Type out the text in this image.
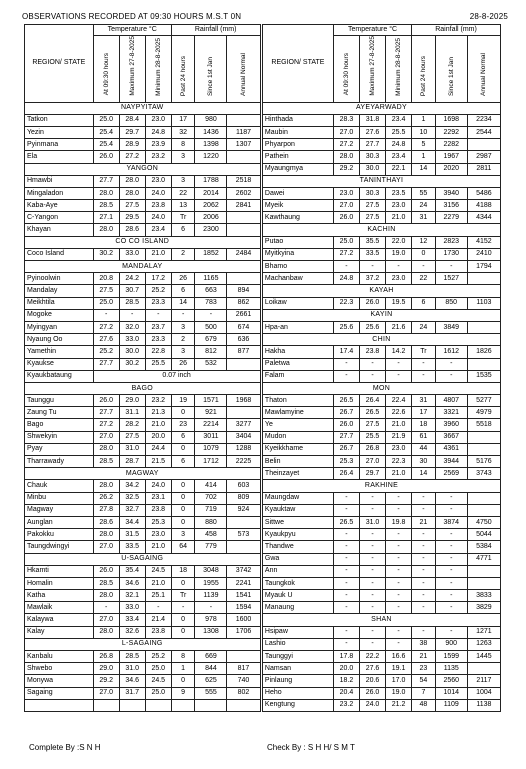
OBSERVATIONS RECORDED AT 09:30 HOURS M.S.T 0N	28-8-2025
REGION/ STATE	Temperature °C			Rainfall (mm)				REGION/ STATE	Temperature °C			Rainfall (mm)		
	At 09:30 hours	Maximum 27-8-2025	Minimum 28-8-2025	Past 24 hours	Since 1st Jan	Annual Normal			At 09:30 hours	Maximum 27-8-2025	Minimum 28-8-2025	Past 24 hours	Since 1st Jan	Annual Normal
NAYPYITAW								AYEYARWADY						
Tatkon	25.0	28.4	23.0	17	980			Hinthada	28.3	31.8	23.4	1	1698	2234
Yezin	25.4	29.7	24.8	32	1436	1187		Maubin	27.0	27.6	25.5	10	2292	2544
Pyinmana	25.4	28.9	23.9	8	1398	1307		Phyarpon	27.2	27.7	24.8	5	2282	
Ela	26.0	27.2	23.2	3	1220			Pathein	28.0	30.3	23.4	1	1967	2987
YANGON								Myaungmya	29.2	30.0	22.1	14	2020	2811
Hmawbi	27.7	28.0	23.0	3	1788	2518		TANINTHAYI						
Mingaladon	28.0	28.0	24.0	22	2014	2602		Dawei	23.0	30.3	23.5	55	3940	5486
Kaba-Aye	28.5	27.5	23.8	13	2062	2841		Myeik	27.0	27.5	23.0	24	3156	4188
C-Yangon	27.1	29.5	24.0	Tr	2006			Kawthaung	26.0	27.5	21.0	31	2279	4344
Khayan	28.0	28.6	23.4	6	2300			KACHIN						
CO CO ISLAND								Putao	25.0	35.5	22.0	12	2823	4152
Coco Island	30.2	33.0	21.0	2	1852	2484		Myitkyina	27.2	33.5	19.0	0	1730	2410
MANDALAY								Bhamo	-	-	-	-	-	1794
Pyinoolwin	20.8	24.2	17.2	26	1165			Machanbaw	24.8	37.2	23.0	22	1527	
Mandalay	27.5	30.7	25.2	6	663	894		KAYAH						
Meikhtila	25.0	28.5	23.3	14	783	862		Loikaw	22.3	26.0	19.5	6	850	1103
Mogoke	-	-	-	-	-	2661		KAYIN						
Myingyan	27.2	32.0	23.7	3	500	674		Hpa-an	25.6	25.6	21.6	24	3849	
Nyaung Oo	27.6	33.0	23.3	2	679	636		CHIN						
Yamethin	25.2	30.0	22.8	3	812	877		Hakha	17.4	23.8	14.2	Tr	1612	1826
Kyaukse	27.7	30.2	25.5	26	532			Paletwa	-	-	-	-	-	
Kyaukbataung	0.07 inch							Falam	-	-	-	-	-	1535
BAGO								MON						
Taunggu	26.0	29.0	23.2	19	1571	1968		Thaton	26.5	26.4	22.4	31	4807	5277
Zaung Tu	27.7	31.1	21.3	0	921			Mawlamyine	26.7	26.5	22.6	17	3321	4979
Bago	27.2	28.2	21.0	23	2214	3277		Ye	26.0	27.5	21.0	18	3960	5518
Shwekyin	27.0	27.5	20.0	6	3011	3404		Mudon	27.7	25.5	21.9	61	3667	
Pyay	28.0	31.0	24.4	0	1079	1288		Kyeikkhame	26.7	26.8	23.0	44	4361	
Tharrawady	28.5	28.7	21.5	6	1712	2225		Belin	25.3	27.0	22.3	30	3944	5176
MAGWAY								Theinzayet	26.4	29.7	21.0	14	2569	3743
Chauk	28.0	34.2	24.0	0	414	603		RAKHINE						
Minbu	26.2	32.5	23.1	0	702	809		Maungdaw	-	-	-	-	-	
Magway	27.8	32.7	23.8	0	719	924		Kyauktaw	-	-	-	-	-	
Aunglan	28.6	34.4	25.3	0	880			Sittwe	26.5	31.0	19.8	21	3874	4750
Pakokku	28.0	31.5	23.0	3	458	573		Kyaukpyu	-	-	-	-	-	5044
Taungdwingyi	27.0	33.5	21.0	64	779			Thandwe	-	-	-	-	-	5384
U-SAGAING								Gwa	-	-	-	-	-	4771
Hkamti	26.0	35.4	24.5	18	3048	3742		Ann	-	-	-	-	-	
Homalin	28.5	34.6	21.0	0	1955	2241		Taungkok	-	-	-	-	-	
Katha	28.0	32.1	25.1	Tr	1139	1541		Myauk U	-	-	-	-	-	3833
Mawlaik	-	33.0	-	-	-	1594		Manaung	-	-	-	-	-	3829
Kalaywa	27.0	33.4	21.4	0	978	1600		SHAN						
Kalay	28.0	32.6	23.8	0	1308	1706		Hsipaw	-	-	-	-	-	1271
L-SAGAING								Lashio	-	-	-	38	900	1263
Kanbalu	26.8	28.5	25.2	8	669			Taunggyi	17.8	22.2	16.6	21	1599	1445
Shwebo	29.0	31.0	25.0	1	844	817		Namsan	20.0	27.6	19.1	23	1135	
Monywa	29.2	34.6	24.5	0	625	740		Pinlaung	18.2	20.6	17.0	54	2560	2117
Sagaing	27.0	31.7	25.0	9	555	802		Heho	20.4	26.0	19.0	7	1014	1004
								Kengtung	23.2	24.0	21.2	48	1109	1138
Complete By :S N H	Check By : S H H/ S M T
